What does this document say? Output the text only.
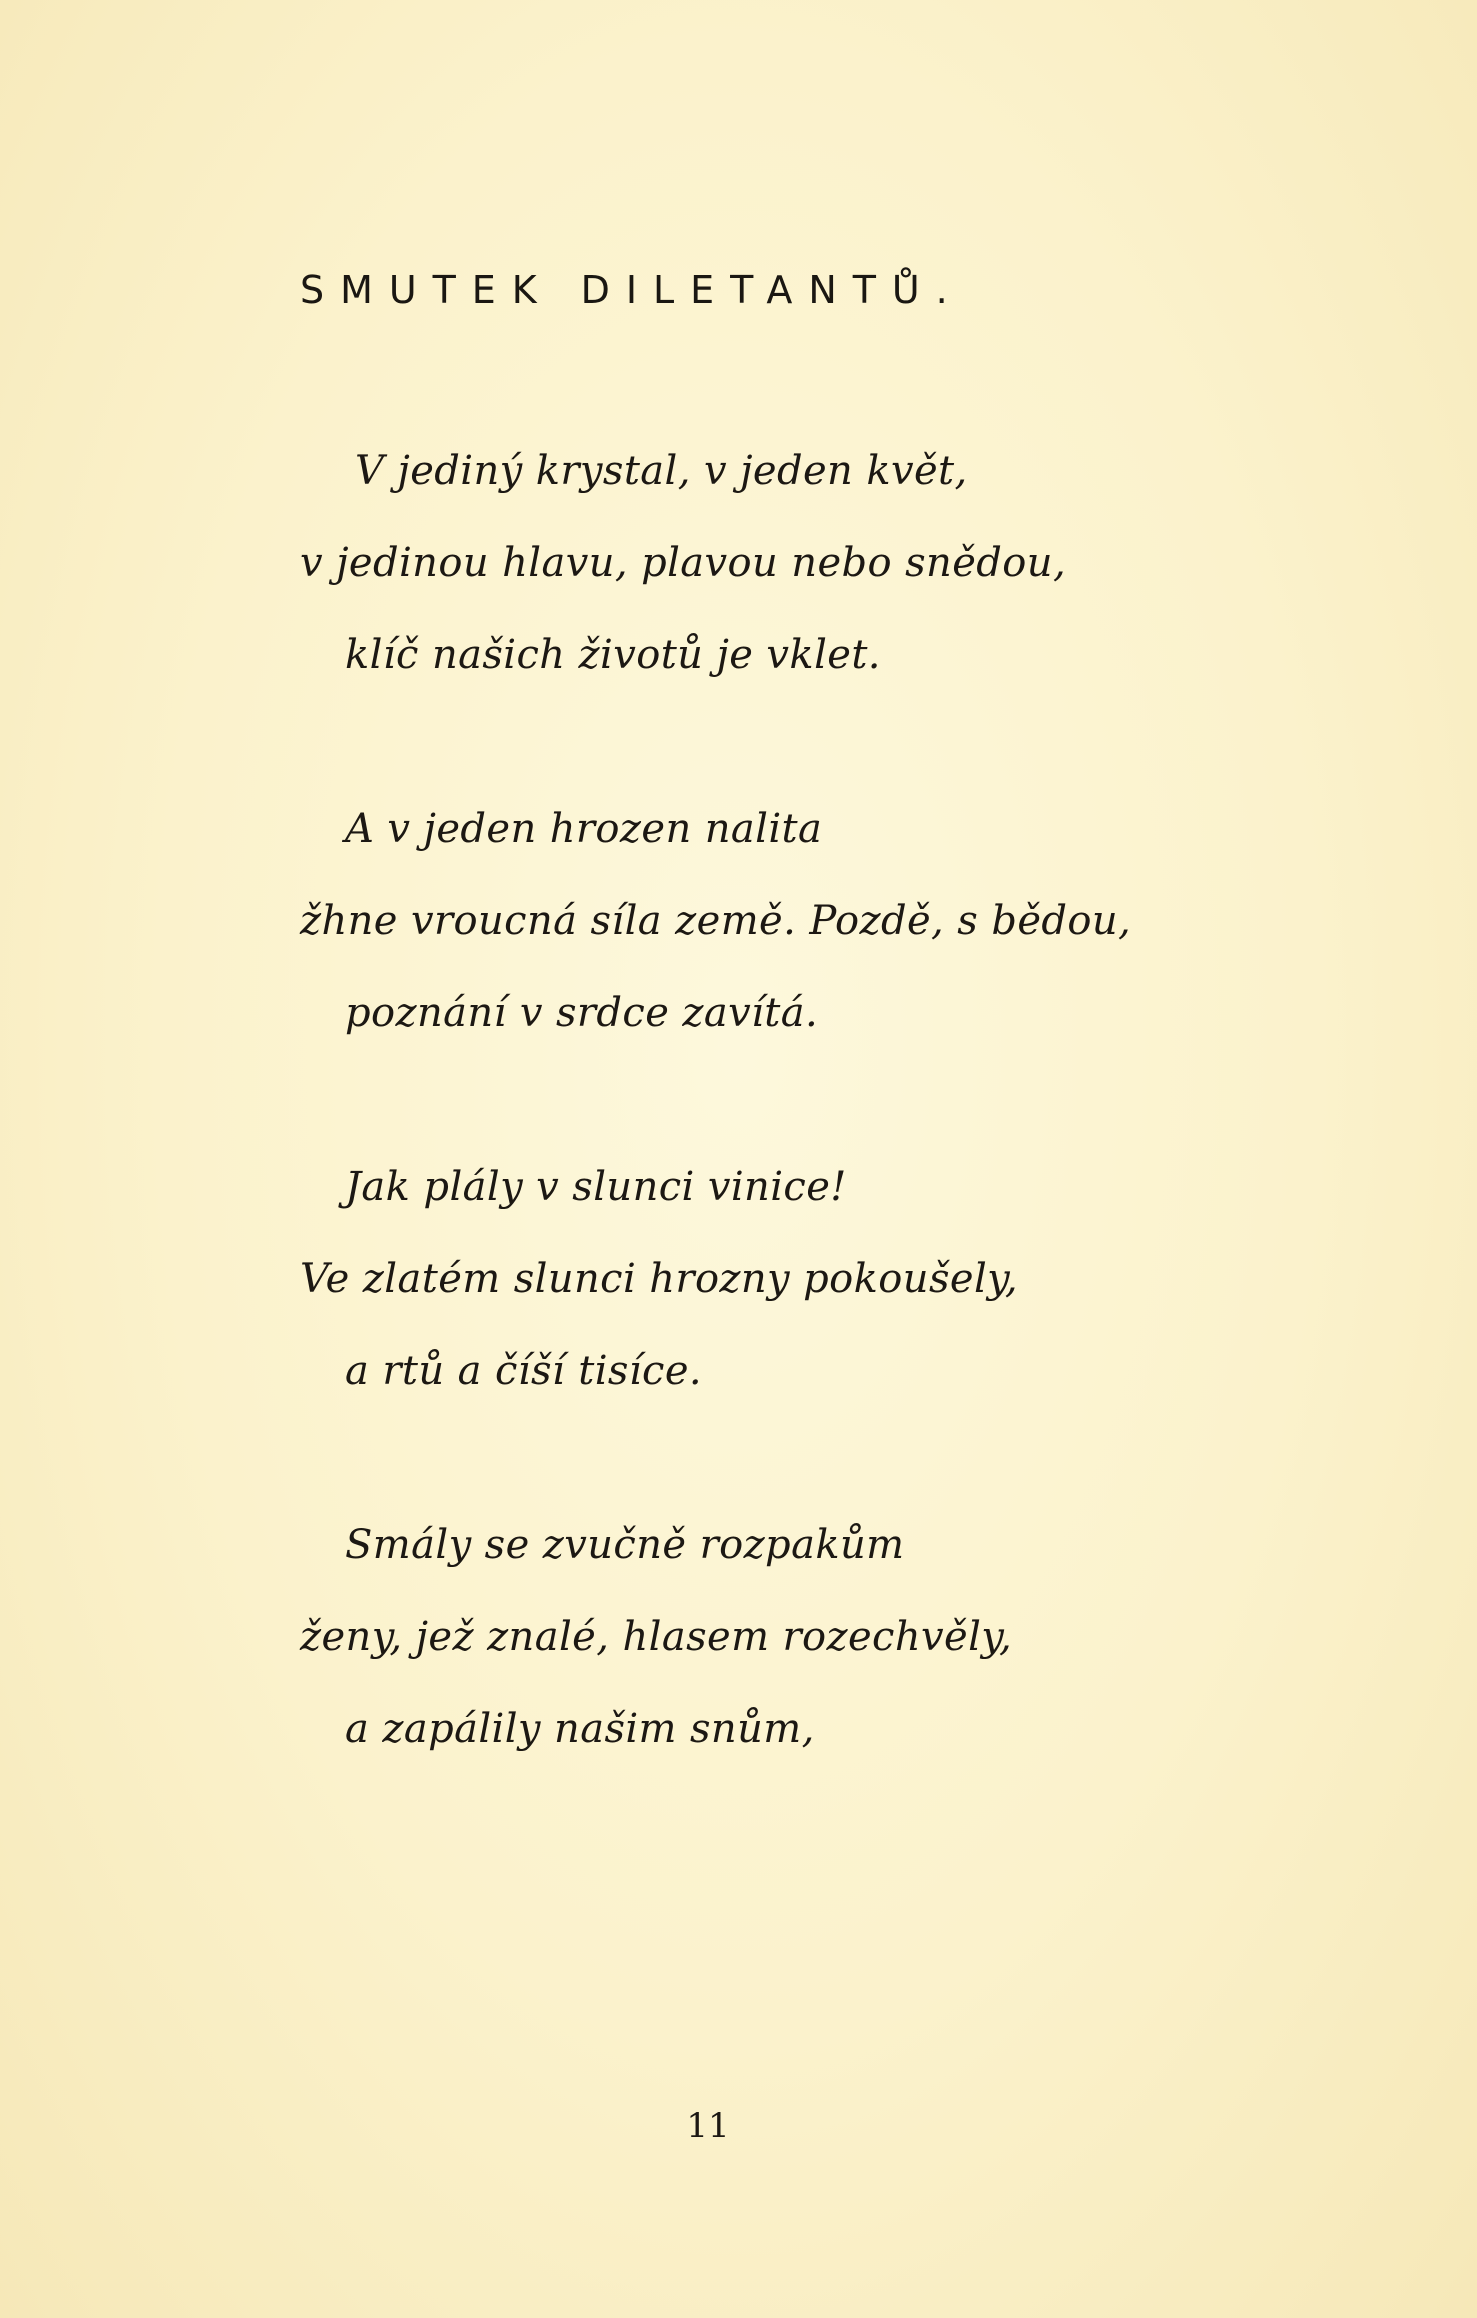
SMUTEK DILETANTŮ.
V jediný krystal, v jeden květ,
v jedinou hlavu, plavou nebo snědou,
klíč našich životů je vklet.
A v jeden hrozen nalita
žhne vroucná síla země. Pozdě, s bědou,
poznání v srdce zavítá.
Jak plály v slunci vinice!
Ve zlatém slunci hrozny pokoušely,
a rtů a číší tisíce.
Smály se zvučně rozpakům
ženy, jež znalé, hlasem rozechvěly,
a zapálily našim snům,
11
